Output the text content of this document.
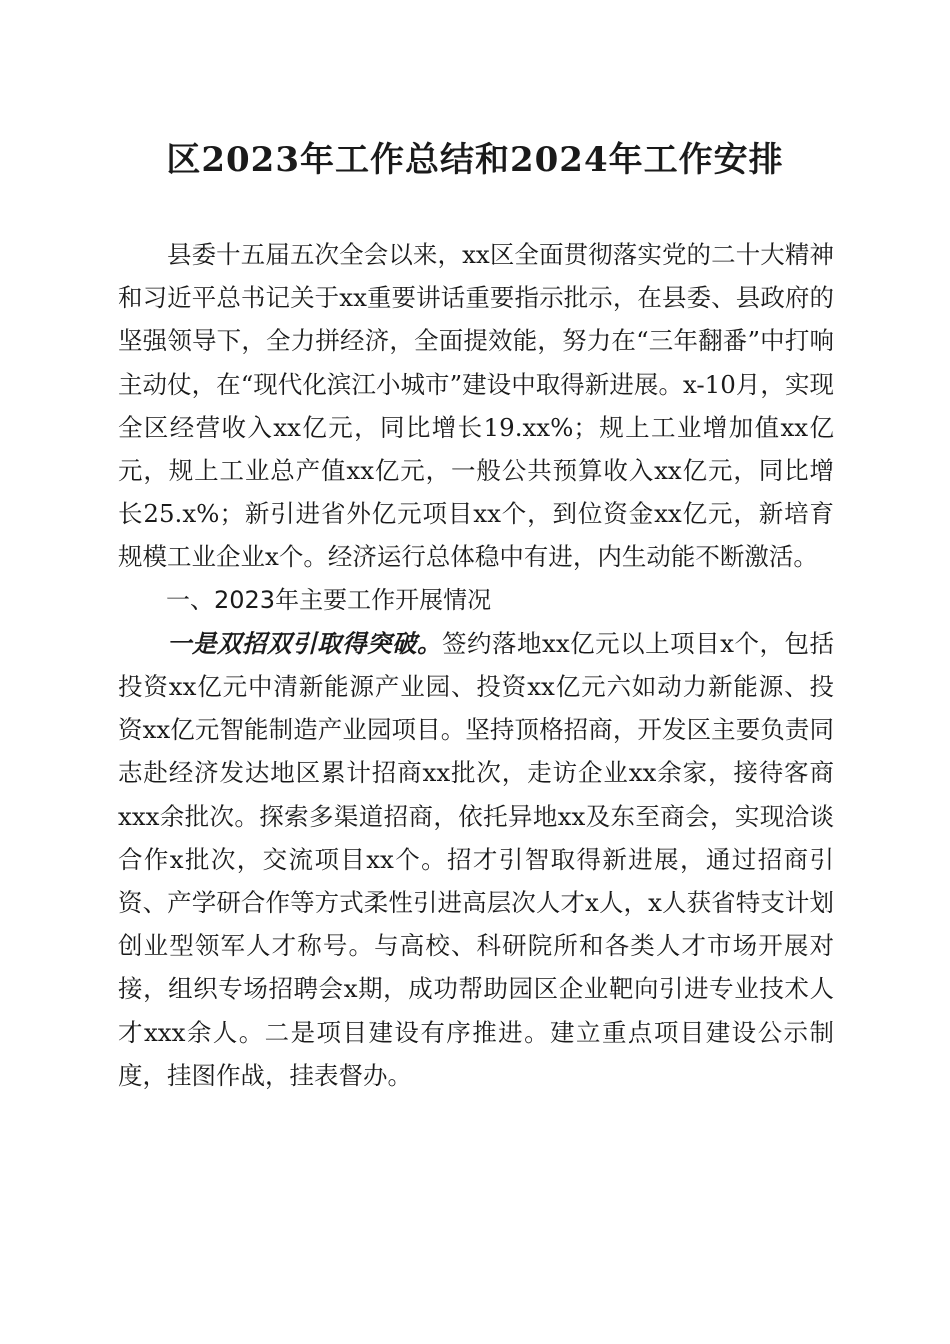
区2023年工作总结和2024年工作安排

县委十五届五次全会以来，xx区全面贯彻落实党的二十大精神和习近平总书记关于xx重要讲话重要指示批示，在县委、县政府的坚强领导下，全力拼经济，全面提效能，努力在“三年翻番”中打响主动仗，在“现代化滨江小城市”建设中取得新进展。x-10月，实现全区经营收入xx亿元，同比增长19.xx%；规上工业增加值xx亿元，规上工业总产值xx亿元，一般公共预算收入xx亿元，同比增长25.x%；新引进省外亿元项目xx个，到位资金xx亿元，新培育规模工业企业x个。经济运行总体稳中有进，内生动能不断激活。

一、2023年主要工作开展情况

一是双招双引取得突破。签约落地xx亿元以上项目x个，包括投资xx亿元中清新能源产业园、投资xx亿元六如动力新能源、投资xx亿元智能制造产业园项目。坚持顶格招商，开发区主要负责同志赴经济发达地区累计招商xx批次，走访企业xx余家，接待客商xxx余批次。探索多渠道招商，依托异地xx及东至商会，实现洽谈合作x批次，交流项目xx个。招才引智取得新进展，通过招商引资、产学研合作等方式柔性引进高层次人才x人，x人获省特支计划创业型领军人才称号。与高校、科研院所和各类人才市场开展对接，组织专场招聘会x期，成功帮助园区企业靶向引进专业技术人才xxx余人。二是项目建设有序推进。建立重点项目建设公示制度，挂图作战，挂表督办。
